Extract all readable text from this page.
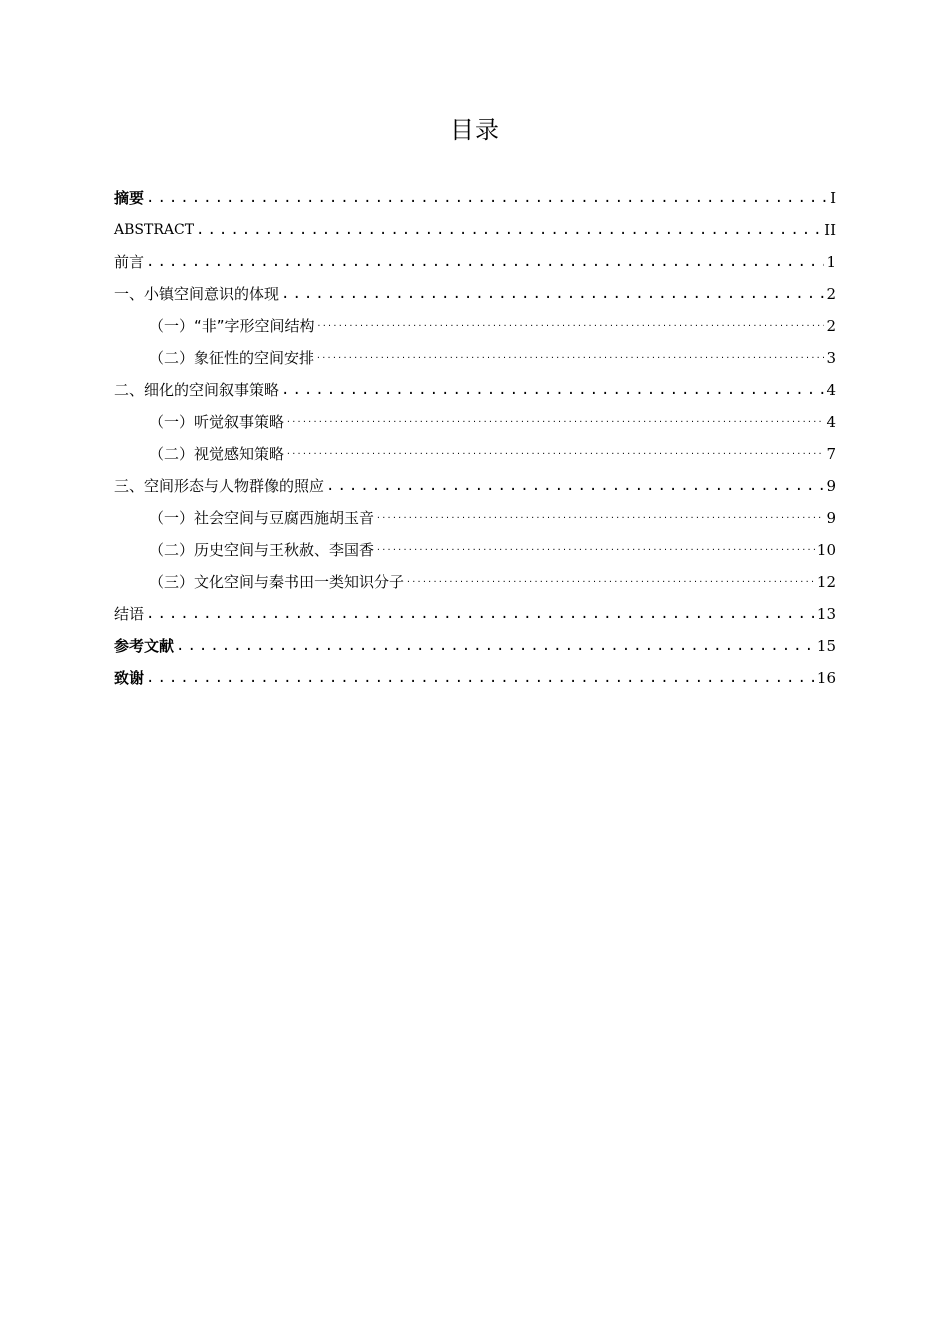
目录
摘要 .....	I
ABSTRACT .....	II
前言 .....	1
一、小镇空间意识的体现 .....	2
（一）“非”字形空间结构 .....	2
（二）象征性的空间安排 .....	3
二、细化的空间叙事策略 .....	4
（一）听觉叙事策略 .....	4
（二）视觉感知策略 .....	7
三、空间形态与人物群像的照应 .....	9
（一）社会空间与豆腐西施胡玉音 .....	9
（二）历史空间与王秋赦、李国香 .....	10
（三）文化空间与秦书田一类知识分子 .....	12
结语 .....	13
参考文献 .....	15
致谢 .....	16
